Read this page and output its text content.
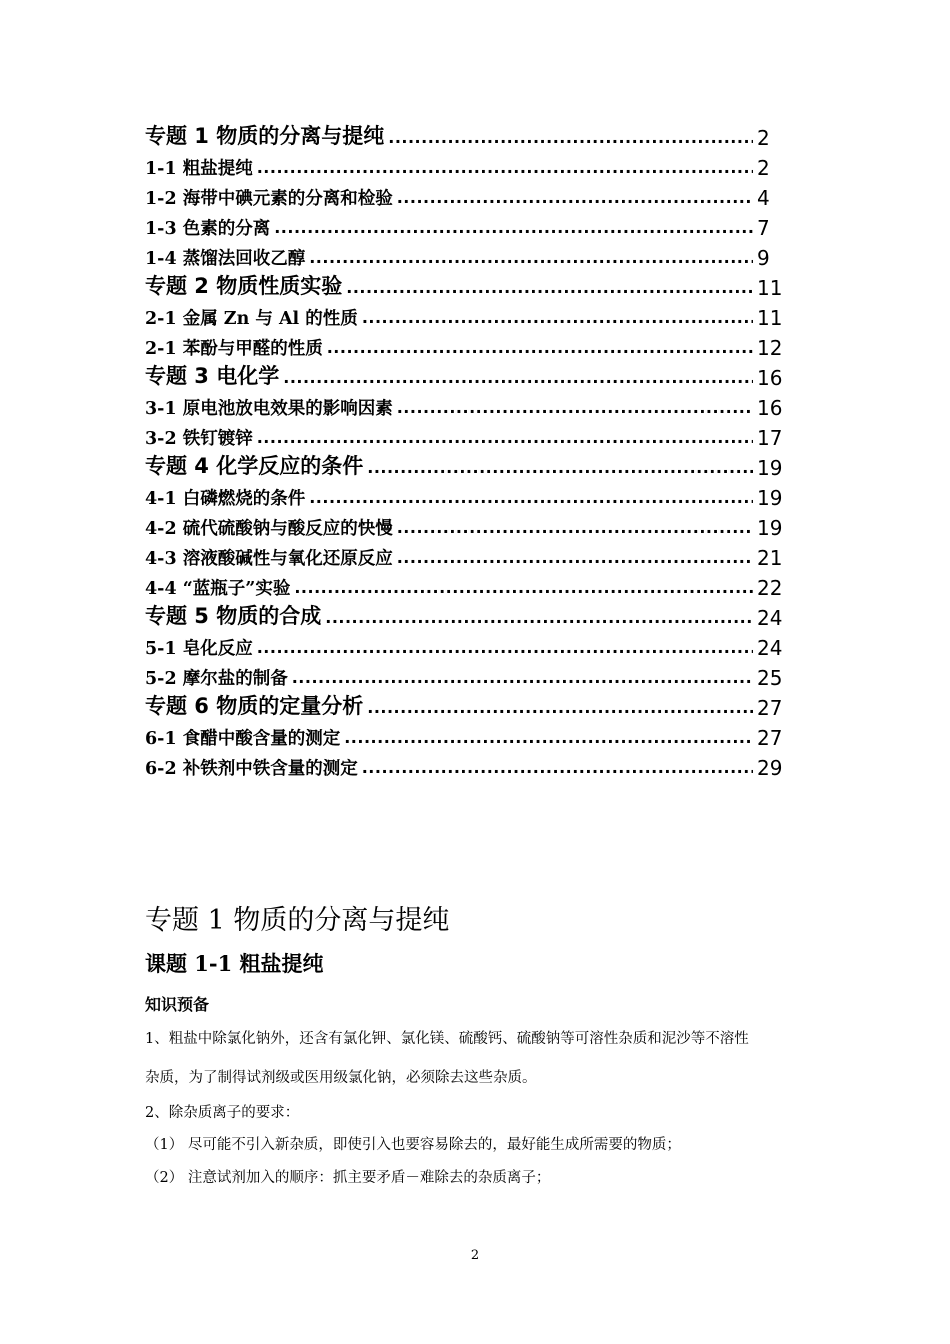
专题 1 物质的分离与提纯 ·····	2
1-1 粗盐提纯 ·····	2
1-2 海带中碘元素的分离和检验 ·····	4
1-3 色素的分离 ·····	7
1-4 蒸馏法回收乙醇 ·····	9
专题 2 物质性质实验 ·····	11
2-1 金属 Zn 与 Al 的性质 ·····	11
2-1 苯酚与甲醛的性质 ·····	12
专题 3 电化学 ·····	16
3-1 原电池放电效果的影响因素 ·····	16
3-2 铁钉镀锌 ·····	17
专题 4 化学反应的条件 ·····	19
4-1 白磷燃烧的条件 ·····	19
4-2 硫代硫酸钠与酸反应的快慢 ·····	19
4-3 溶液酸碱性与氧化还原反应 ·····	21
4-4 “蓝瓶子”实验 ·····	22
专题 5 物质的合成 ·····	24
5-1 皂化反应 ·····	24
5-2 摩尔盐的制备 ·····	25
专题 6 物质的定量分析 ·····	27
6-1 食醋中酸含量的测定 ·····	27
6-2 补铁剂中铁含量的测定 ·····	29
专题 1 物质的分离与提纯
课题 1-1 粗盐提纯
知识预备
1、粗盐中除氯化钠外，还含有氯化钾、氯化镁、硫酸钙、硫酸钠等可溶性杂质和泥沙等不溶性
杂质，为了制得试剂级或医用级氯化钠，必须除去这些杂质。
2、除杂质离子的要求：
（1） 尽可能不引入新杂质，即使引入也要容易除去的，最好能生成所需要的物质；
（2） 注意试剂加入的顺序：抓主要矛盾－难除去的杂质离子；
2
